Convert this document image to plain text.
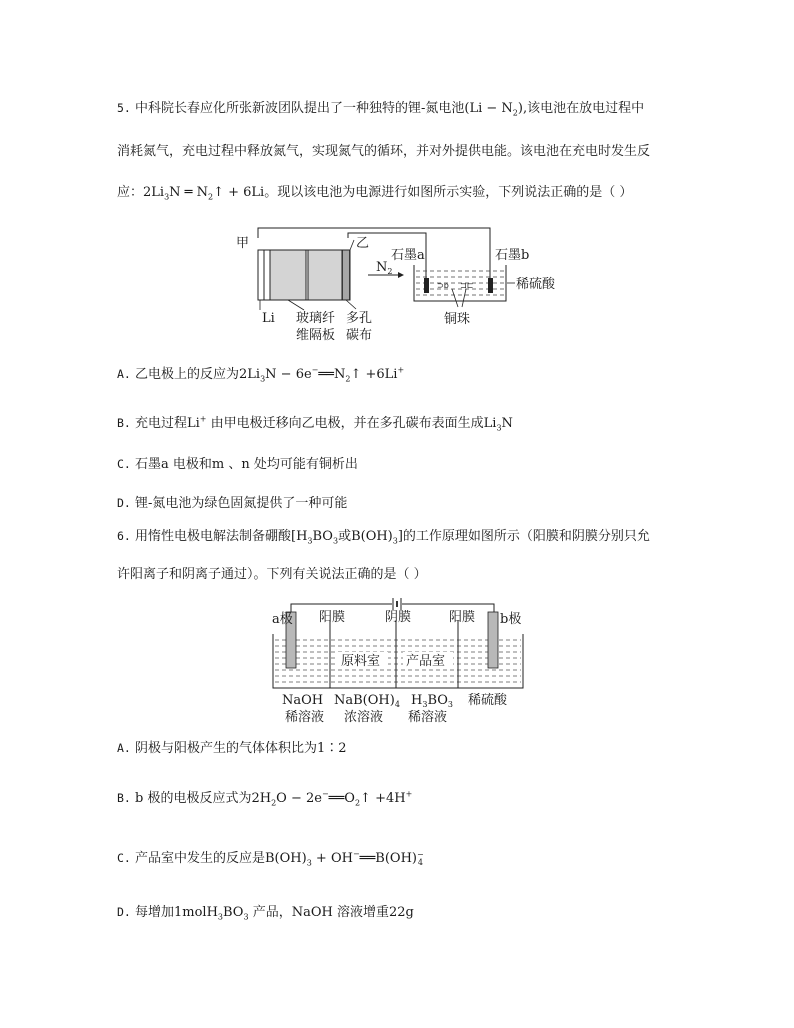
5. 中科院长春应化所张新波团队提出了一种独特的锂-氮电池$(Li - N_2)$,该电池在放电过程中
消耗氮气，充电过程中释放氮气，实现氮气的循环，并对外提供电能。该电池在充电时发生反
应：$2Li_3N$ ═ $N_2↑ + 6Li$。现以该电池为电源进行如图所示实验，下列说法正确的是（ ）
甲	乙
$N_2$
Li 玻璃纤
维隔板
多孔
碳布
⊃ɒ ⊐⊏
石墨a	石墨b
稀硫酸
铜珠
A. 乙电极上的反应为$2Li_3N$ − $6e^-══N_2↑ +6Li^+$
B. 充电过程Li+ 由甲电极迁移向乙电极，并在多孔碳布表面生成$Li_3N$
C. 石墨a 电极和m 、n 处均可能有铜析出
D. 锂-氮电池为绿色固氮提供了一种可能
6. 用惰性电极电解法制备硼酸[$H_3BO_3$或$B(OH)_3$]的工作原理如图所示（阳膜和阴膜分别只允
许阳离子和阴离子通过）。下列有关说法正确的是（ ）
a极	b极
阳膜	阴膜	阳膜
原料室 产品室
NaOH
稀溶液
$NaB(OH)_4$
浓溶液
$H_3BO_3$
稀溶液
稀硫酸
A. 阴极与阳极产生的气体体积比为1∶2
B. b 极的电极反应式为$2H_2O$ − $2e^-══O_2↑ +4H^+$
C. 产品室中发生的反应是$B(OH)_3$ + OH−══B(OH) −
4
D. 每增加$1molH_3BO_3$ 产品，NaOH 溶液增重22g
